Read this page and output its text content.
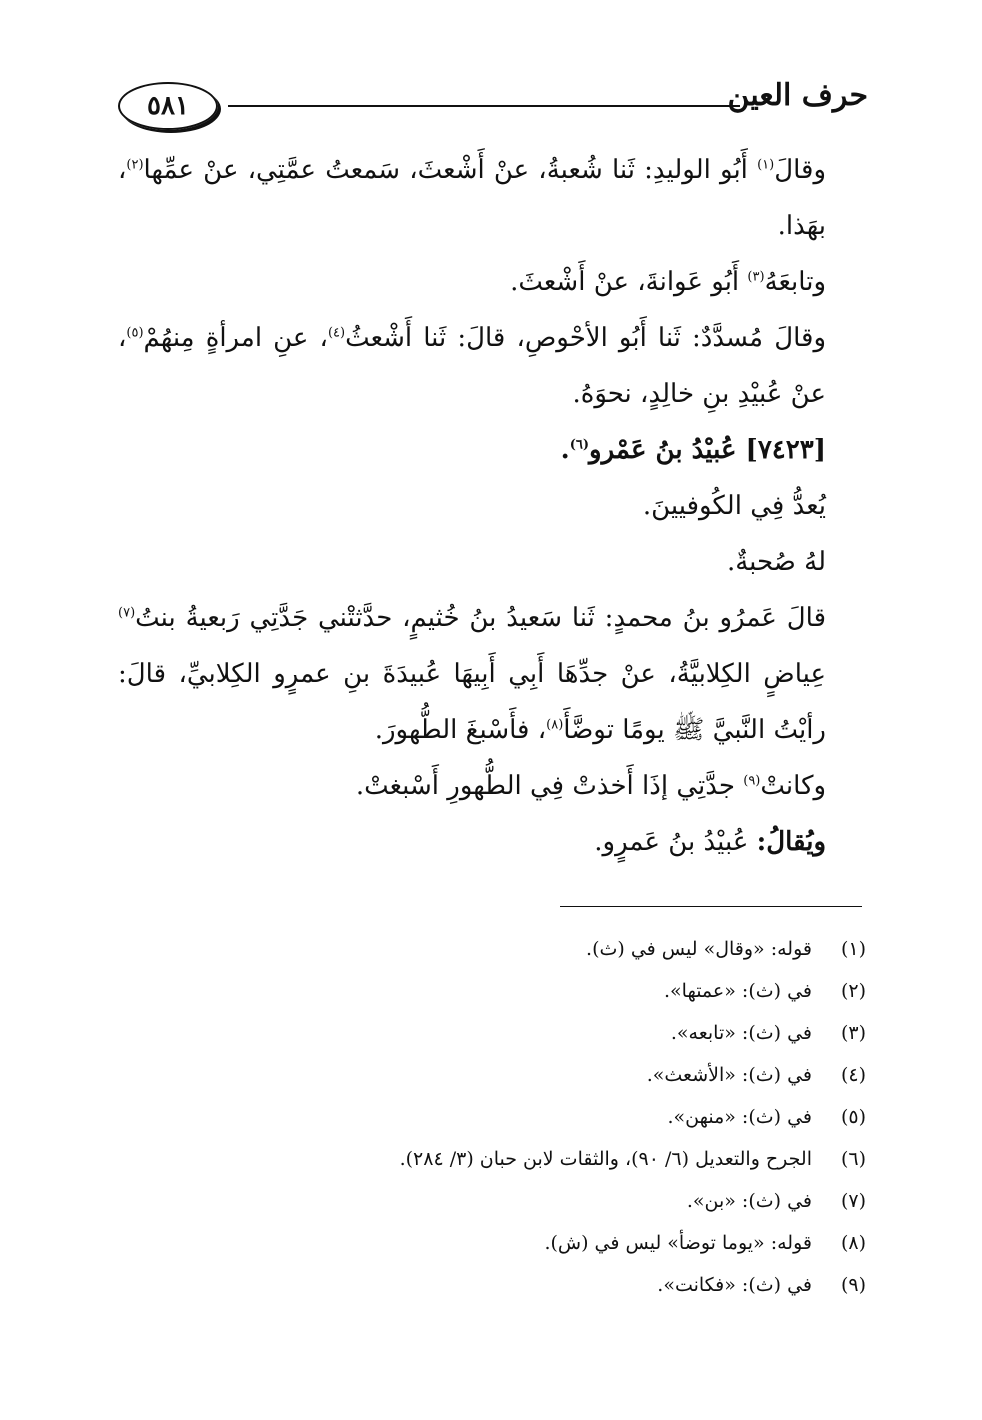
٥٨١	حرف العين

وقالَ$^{(١)}$ أَبُو الوليدِ: ثَنا شُعبةُ، عنْ أَشْعثَ، سَمعتُ عمَّتِي، عنْ عمِّها$^{(٢)}$، بهَذا.

وتابعَهُ$^{(٣)}$ أَبُو عَوانةَ، عنْ أَشْعثَ.

وقالَ مُسدَّدٌ: ثَنا أَبُو الأحْوصِ، قالَ: ثَنا أَشْعثُ$^{(٤)}$، عنِ امرأةٍ مِنهُمْ$^{(٥)}$، عنْ عُبيْدِ بنِ خالِدٍ، نحوَهُ.

[٧٤٢٣] عُبيْدُ بنُ عَمْرو$^{(٦)}$.

يُعدُّ فِي الكُوفيينَ.

لهُ صُحبةٌ.

قالَ عَمرُو بنُ محمدٍ: ثَنا سَعيدُ بنُ خُثيمٍ، حدَّثتْني جَدَّتِي رَبعيةُ بنتُ$^{(٧)}$ عِياضٍ الكِلابيَّةُ، عنْ جدِّهَا أَبِي أَبِيهَا عُبيدَةَ بنِ عمرٍو الكِلابيِّ، قالَ: رأيْتُ النَّبيَّ ﷺ يومًا توضَّأَ$^{(٨)}$، فأَسْبغَ الطُّهورَ.

وكانتْ$^{(٩)}$ جدَّتِي إذَا أَخذتْ فِي الطُّهورِ أَسْبغتْ.

ويُقالُ: عُبيْدُ بنُ عَمرٍو.

(١)
قوله: «وقال» ليس في (ث).
(٢)
في (ث): «عمتها».
(٣)
في (ث): «تابعه».
(٤)
في (ث): «الأشعث».
(٥)
في (ث): «منهن».
(٦)
الجرح والتعديل (٦/ ٩٠)، والثقات لابن حبان (٣/ ٢٨٤).
(٧)
في (ث): «بن».
(٨)
قوله: «يوما توضأ» ليس في (ش).
(٩)
في (ث): «فكانت».
